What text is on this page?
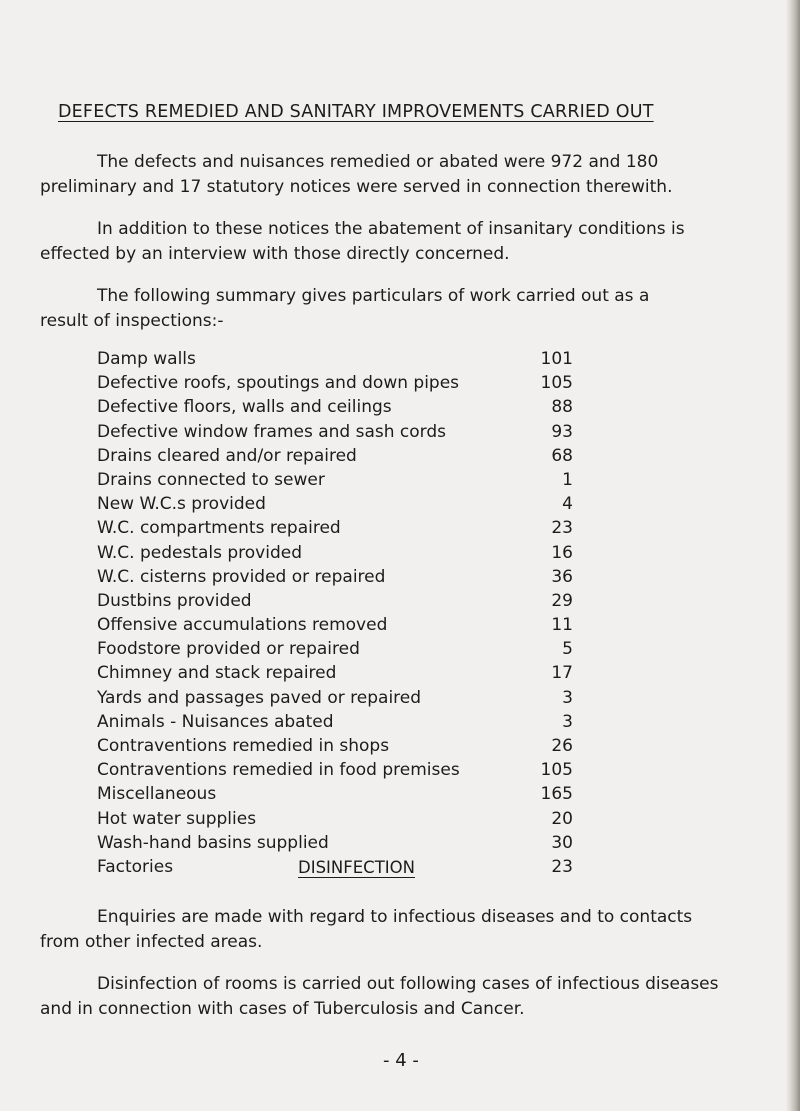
DEFECTS REMEDIED AND SANITARY IMPROVEMENTS CARRIED OUT

The defects and nuisances remedied or abated were 972 and 180
preliminary and 17 statutory notices were served in connection therewith.

In addition to these notices the abatement of insanitary conditions is
effected by an interview with those directly concerned.

The following summary gives particulars of work carried out as a
result of inspections:-

Damp walls	101
Defective roofs, spoutings and down pipes	105
Defective floors, walls and ceilings	88
Defective window frames and sash cords	93
Drains cleared and/or repaired	68
Drains connected to sewer	1
New W.C.s provided	4
W.C. compartments repaired	23
W.C. pedestals provided	16
W.C. cisterns provided or repaired	36
Dustbins provided	29
Offensive accumulations removed	11
Foodstore provided or repaired	5
Chimney and stack repaired	17
Yards and passages paved or repaired	3
Animals - Nuisances abated	3
Contraventions remedied in shops	26
Contraventions remedied in food premises	105
Miscellaneous	165
Hot water supplies	20
Wash-hand basins supplied	30
Factories	23
DISINFECTION

Enquiries are made with regard to infectious diseases and to contacts
from other infected areas.

Disinfection of rooms is carried out following cases of infectious diseases
and in connection with cases of Tuberculosis and Cancer.

- 4 -
